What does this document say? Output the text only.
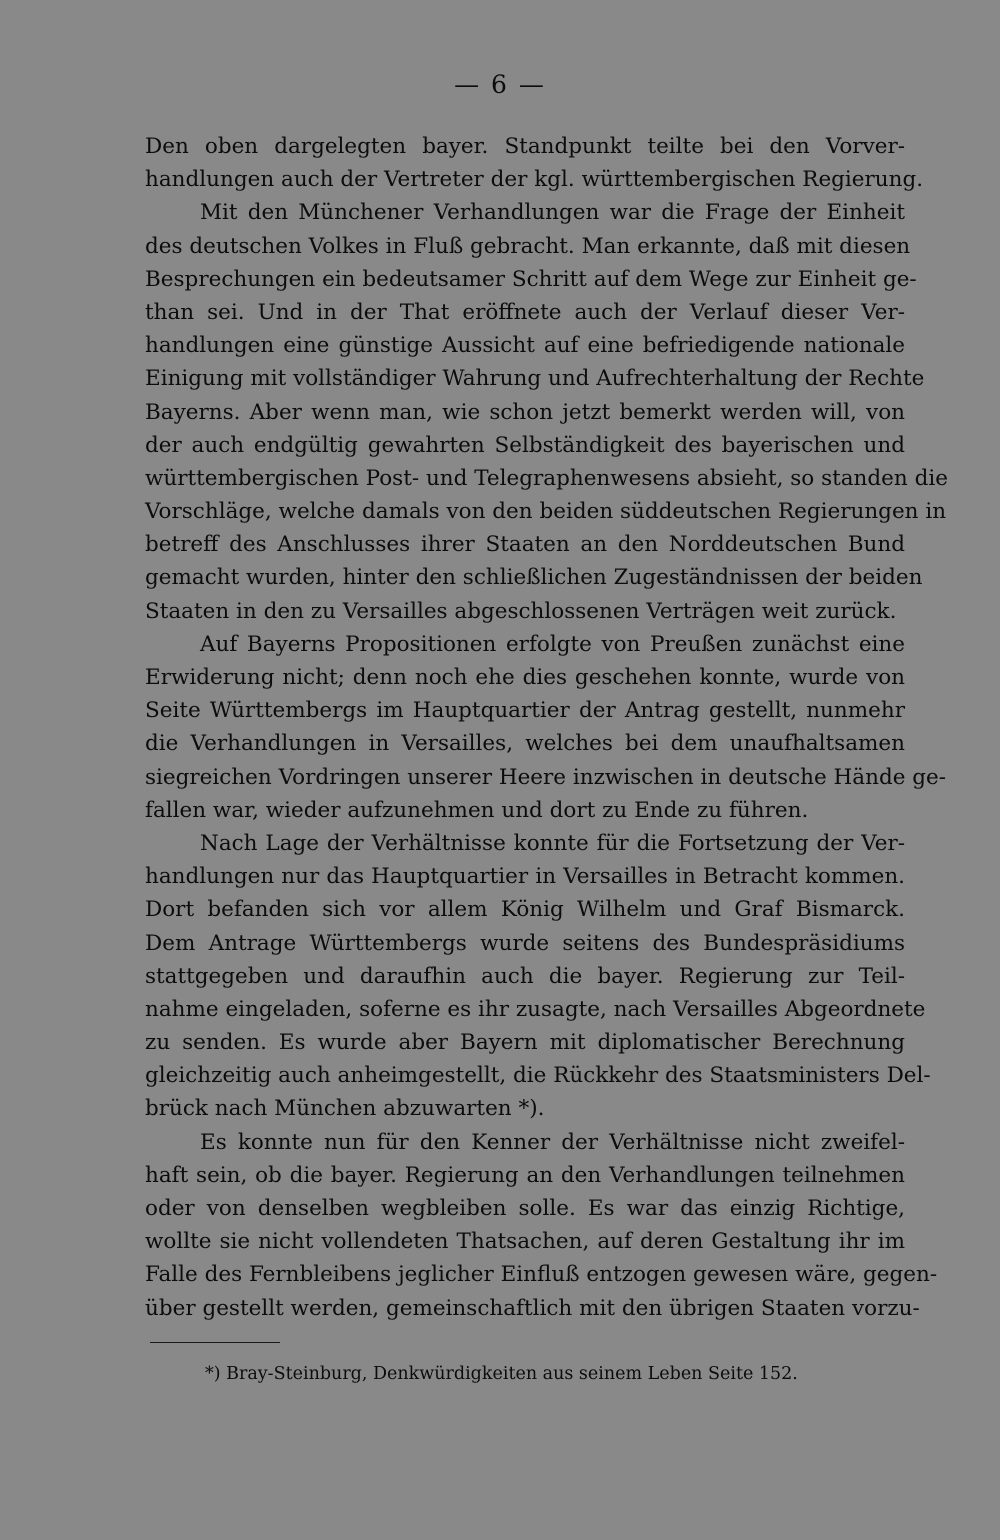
— 6 —
Den oben dargelegten bayer. Standpunkt teilte bei den Vorver-
handlungen auch der Vertreter der kgl. württembergischen Regierung.
Mit den Münchener Verhandlungen war die Frage der Einheit
des deutschen Volkes in Fluß gebracht. Man erkannte, daß mit diesen
Besprechungen ein bedeutsamer Schritt auf dem Wege zur Einheit ge-
than sei. Und in der That eröffnete auch der Verlauf dieser Ver-
handlungen eine günstige Aussicht auf eine befriedigende nationale
Einigung mit vollständiger Wahrung und Aufrechterhaltung der Rechte
Bayerns. Aber wenn man, wie schon jetzt bemerkt werden will, von
der auch endgültig gewahrten Selbständigkeit des bayerischen und
württembergischen Post- und Telegraphenwesens absieht, so standen die
Vorschläge, welche damals von den beiden süddeutschen Regierungen in
betreff des Anschlusses ihrer Staaten an den Norddeutschen Bund
gemacht wurden, hinter den schließlichen Zugeständnissen der beiden
Staaten in den zu Versailles abgeschlossenen Verträgen weit zurück.
Auf Bayerns Propositionen erfolgte von Preußen zunächst eine
Erwiderung nicht; denn noch ehe dies geschehen konnte, wurde von
Seite Württembergs im Hauptquartier der Antrag gestellt, nunmehr
die Verhandlungen in Versailles, welches bei dem unaufhaltsamen
siegreichen Vordringen unserer Heere inzwischen in deutsche Hände ge-
fallen war, wieder aufzunehmen und dort zu Ende zu führen.
Nach Lage der Verhältnisse konnte für die Fortsetzung der Ver-
handlungen nur das Hauptquartier in Versailles in Betracht kommen.
Dort befanden sich vor allem König Wilhelm und Graf Bismarck.
Dem Antrage Württembergs wurde seitens des Bundespräsidiums
stattgegeben und daraufhin auch die bayer. Regierung zur Teil-
nahme eingeladen, soferne es ihr zusagte, nach Versailles Abgeordnete
zu senden. Es wurde aber Bayern mit diplomatischer Berechnung
gleichzeitig auch anheimgestellt, die Rückkehr des Staatsministers Del-
brück nach München abzuwarten *).
Es konnte nun für den Kenner der Verhältnisse nicht zweifel-
haft sein, ob die bayer. Regierung an den Verhandlungen teilnehmen
oder von denselben wegbleiben solle. Es war das einzig Richtige,
wollte sie nicht vollendeten Thatsachen, auf deren Gestaltung ihr im
Falle des Fernbleibens jeglicher Einfluß entzogen gewesen wäre, gegen-
über gestellt werden, gemeinschaftlich mit den übrigen Staaten vorzu-
*) Bray-Steinburg, Denkwürdigkeiten aus seinem Leben Seite 152.
